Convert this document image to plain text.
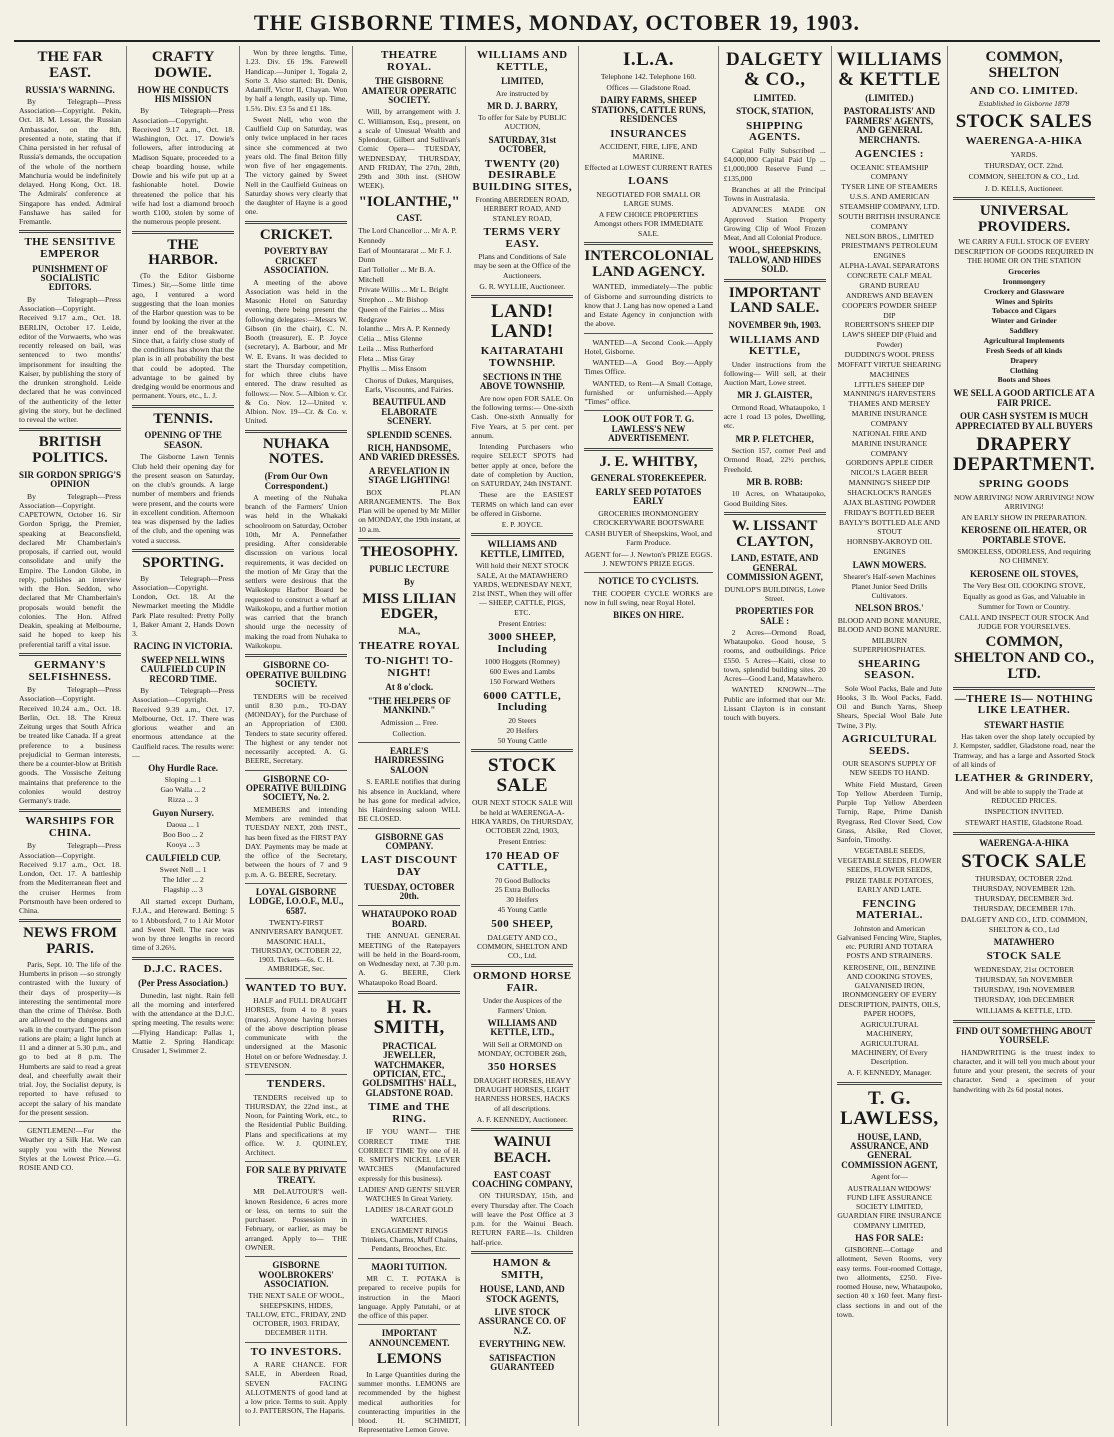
THE GISBORNE TIMES, MONDAY, OCTOBER 19, 1903.
THE FAR EAST.
RUSSIA'S WARNING.
By Telegraph—Press Association—Copyright. Pekin, Oct. 18. M. Lessar, the Russian Ambassador, on the 8th, presented a note, stating that if China persisted in her refusal of Russia's demands, the occupation of the whole of the northern Manchuria would be indefinitely delayed. Hong Kong, Oct. 18. The Admirals' conference at Singapore has ended. Admiral Fanshawe has sailed for Fremantle.
THE SENSITIVE EMPEROR
PUNISHMENT OF SOCIALISTIC EDITORS.
By Telegraph—Press Association—Copyright. Received 9.17 a.m., Oct. 18. BERLIN, October 17. Leide, editor of the Vorwaerts, who was recently released on bail, was sentenced to two months' imprisonment for insulting the Kaiser, by publishing the story of the drunken stronghold. Leide declared that he was convinced of the authenticity of the letter giving the story, but he declined to reveal the writer.
BRITISH POLITICS.
SIR GORDON SPRIGG'S OPINION
By Telegraph—Press Association—Copyright. CAPETOWN, October 16. Sir Gordon Sprigg, the Premier, speaking at Beaconsfield, declared Mr Chamberlain's proposals, if carried out, would consolidate and unify the Empire. The London Globe, in reply, publishes an interview with the Hon. Seddon, who declared that Mr Chamberlain's proposals would benefit the colonies. The Hon. Alfred Deakin, speaking at Melbourne, said he hoped to keep his preferential tariff a vital issue.
GERMANY'S SELFISHNESS.
By Telegraph—Press Association—Copyright. Received 10.24 a.m., Oct. 18. Berlin, Oct. 18. The Kreuz Zeitung urges that South Africa be treated like Canada. If a great preference to a business prejudicial to German interests, there be a counter-blow at British goods. The Vossische Zeitung maintains that preference to the colonies would destroy Germany's trade.
WARSHIPS FOR CHINA.
By Telegraph—Press Association—Copyright. Received 9.17 a.m., Oct. 18. London, Oct. 17. A battleship from the Mediterranean fleet and the cruiser Hermes from Portsmouth have been ordered to China.
NEWS FROM PARIS.
Paris, Sept. 10. The life of the Humberts in prison —so strongly contrasted with the luxury of their days of prosperity—is interesting the sentimental more than the crime of Thérèse. Both are allowed to the dungeons and walk in the courtyard. The prison rations are plain; a light lunch at 11 and a dinner at 5.30 p.m., and go to bed at 8 p.m. The Humberts are said to read a great deal, and cheerfully await their trial. Joy, the Socialist deputy, is reported to have refused to accept the salary of his mandate for the present session.
GENTLEMEN!—For the Weather try a Silk Hat. We can supply you with the Newest Styles at the Lowest Price.—G. ROSIE AND CO.
CRAFTY DOWIE.
HOW HE CONDUCTS HIS MISSION
By Telegraph—Press Association—Copyright. Received 9.17 a.m., Oct. 18. Washington, Oct. 17. Dowie's followers, after introducing at Madison Square, proceeded to a cheap boarding house, while Dowie and his wife put up at a fashionable hotel. Dowie threatened the police that his wife had lost a diamond brooch worth £100, stolen by some of the numerous people present.
THE HARBOR.
(To the Editor Gisborne Times.) Sir,—Some little time ago, I ventured a word suggesting that the loan monies of the Harbor question was to be found by looking the river at the inner end of the breakwater. Since that, a fairly close study of the conditions has shown that the plan is in all probability the best that could be adopted. The advantage to be gained by dredging would be enormous and permanent. Yours, etc., L. J.
TENNIS.
OPENING OF THE SEASON.
The Gisborne Lawn Tennis Club held their opening day for the present season on Saturday, on the club's grounds. A large number of members and friends were present, and the courts were in excellent condition. Afternoon tea was dispensed by the ladies of the club, and the opening was voted a success.
SPORTING.
By Telegraph—Press Association—Copyright. London, Oct. 18. At the Newmarket meeting the Middle Park Plate resulted: Pretty Polly 1, Baker Amant 2, Hands Down 3.
RACING IN VICTORIA.
SWEEP NELL WINS CAULFIELD CUP IN RECORD TIME.
By Telegraph—Press Association—Copyright. Received 9.39 a.m., Oct. 17. Melbourne, Oct. 17. There was glorious weather and an enormous attendance at the Caulfield races. The results were:—
Ohy Hurdle Race.
Sloping ... 1
Gao Walla ... 2
Rizza ... 3
Guyon Nursery.
Daoua ... 1
Boo Boo ... 2
Kooya ... 3
CAULFIELD CUP.
Sweet Nell ... 1
The Idler ... 2
Flagship ... 3
All started except Durham, F.J.A., and Hereward. Betting: 5 to 1 Abbotsford, 7 to 1 Air Motor and Sweet Nell. The race was won by three lengths in record time of 3.26½.
D.J.C. RACES.
(Per Press Association.)
Dunedin, last night. Rain fell all the morning and interfered with the attendance at the D.J.C. spring meeting. The results were:—Flying Handicap: Pallas 1, Mattie 2. Spring Handicap: Crusader 1, Swimmer 2.
Won by three lengths. Time, 1.23. Div. £6 19s. Farewell Handicap.—Juniper 1, Togala 2, Sorte 3. Also started: Bt. Denis, Adamiff, Victor II, Chayan. Won by half a length, easily up. Time, 1.5¾. Div. £3 5s and £1 18s.
Sweet Nell, who won the Caulfield Cup on Saturday, was only twice unplaced in her races since she commenced at two years old. The final Briton filly won five of her engagements. The victory gained by Sweet Nell in the Caulfield Guineas on Saturday shows very clearly that the daughter of Hayne is a good one.
CRICKET.
POVERTY BAY CRICKET ASSOCIATION.
A meeting of the above Association was held in the Masonic Hotel on Saturday evening, there being present the following delegates:—Messrs W. Gibson (in the chair), C. N. Booth (treasurer), E. P. Joyce (secretary), A. Barbour, and Mr W. E. Evans. It was decided to start the Thursday competition, for which three clubs have entered. The draw resulted as follows:— Nov. 5—Albion v. Cr. & Co. Nov. 12—United v. Albion. Nov. 19—Cr. & Co. v. United.
NUHAKA NOTES.
(From Our Own Correspondent.)
A meeting of the Nuhaka branch of the Farmers' Union was held in the Whakaki schoolroom on Saturday, October 10th, Mr A. Pennefather presiding. After considerable discussion on various local requirements, it was decided on the motion of Mr Gray that the settlers were desirous that the Waikokopu Harbor Board be requested to construct a wharf at Waikokopu, and a further motion was carried that the branch should urge the necessity of making the road from Nuhaka to Waikokopu.
GISBORNE CO-OPERATIVE BUILDING SOCIETY.
TENDERS will be received until 8.30 p.m., TO-DAY (MONDAY), for the Purchase of an Appropriation of £300. Tenders to state security offered. The highest or any tender not necessarily accepted. A. G. BEERE, Secretary.
GISBORNE CO-OPERATIVE BUILDING SOCIETY, No. 2.
MEMBERS and intending Members are reminded that TUESDAY NEXT, 20th INST., has been fixed as the FIRST PAY DAY. Payments may be made at the office of the Secretary, between the hours of 7 and 9 p.m. A. G. BEERE, Secretary.
LOYAL GISBORNE LODGE, I.O.O.F., M.U., 6587.
TWENTY-FIRST ANNIVERSARY BANQUET. MASONIC HALL, THURSDAY, OCTOBER 22, 1903. Tickets—6s. C. H. AMBRIDGE, Sec.
WANTED TO BUY.
HALF and FULL DRAUGHT HORSES, from 4 to 8 years (mares). Anyone having horses of the above description please communicate with the undersigned at the Masonic Hotel on or before Wednesday. J. STEVENSON.
TENDERS.
TENDERS received up to THURSDAY, the 22nd inst., at Noon, for Painting Work, etc., to the Residential Public Building. Plans and specifications at my office. W. J. QUINLEY, Architect.
FOR SALE BY PRIVATE TREATY.
MR DeLAUTOUR'S well-known Residence, 6 acres more or less, on terms to suit the purchaser. Possession in February, or earlier, as may be arranged. Apply to— THE OWNER.
GISBORNE WOOLBROKERS' ASSOCIATION.
THE NEXT SALE OF WOOL, SHEEPSKINS, HIDES, TALLOW, ETC., FRIDAY, 2ND OCTOBER, 1903. FRIDAY, DECEMBER 11TH.
TO INVESTORS.
A RARE CHANCE. FOR SALE, in Aberdeen Road, SEVEN FACING ALLOTMENTS of good land at a low price. Terms to suit. Apply to J. PATTERSON, The Haparis.
THEATRE ROYAL.
THE GISBORNE AMATEUR OPERATIC SOCIETY.
Will, by arrangement with J. C. Williamson, Esq., present, on a scale of Unusual Wealth and Splendour, Gilbert and Sullivan's Comic Opera— TUESDAY, WEDNESDAY, THURSDAY, AND FRIDAY, The 27th, 28th, 29th and 30th inst. (SHOW WEEK).
"IOLANTHE,"
CAST.
The Lord Chancellor ... Mr A. P. Kennedy
Earl of Mountararat ... Mr F. J. Dunn
Earl Tolloller ... Mr B. A. Mitchell
Private Willis ... Mr L. Bright
Strephon ... Mr Bishop
Queen of the Fairies ... Miss Redgrave
Iolanthe ... Mrs A. P. Kennedy
Celia ... Miss Glenne
Leila ... Miss Rutherford
Fleta ... Miss Gray
Phyllis ... Miss Ensom
Chorus of Dukes, Marquises, Earls, Viscounts, and Fairies.
BEAUTIFUL AND ELABORATE SCENERY.
SPLENDID SCENES.
RICH, HANDSOME, AND VARIED DRESSES.
A REVELATION IN STAGE LIGHTING!
BOX PLAN ARRANGEMENTS. The Box Plan will be opened by Mr Miller on MONDAY, the 19th instant, at 10 a.m.
THEOSOPHY.
PUBLIC LECTURE
By
MISS LILIAN EDGER,
M.A.,
THEATRE ROYAL
TO-NIGHT! TO-NIGHT!
At 8 o'clock.
"THE HELPERS OF MANKIND."
Admission ... Free.
Collection.
EARLE'S HAIRDRESSING SALOON
S. EARLE notifies that during his absence in Auckland, where he has gone for medical advice, his Hairdressing saloon WILL BE CLOSED.
GISBORNE GAS COMPANY.
LAST DISCOUNT DAY
TUESDAY, OCTOBER 20th.
WHATAUPOKO ROAD BOARD.
THE ANNUAL GENERAL MEETING of the Ratepayers will be held in the Board-room, on Wednesday next, at 7.30 p.m. A. G. BEERE, Clerk Whataupoko Road Board.
H. R. SMITH,
PRACTICAL JEWELLER, WATCHMAKER, OPTICIAN, ETC., GOLDSMITHS' HALL, GLADSTONE ROAD.
TIME and THE RING.
IF YOU WANT— THE CORRECT TIME THE CORRECT TIME Try one of H. R. SMITH'S NICKEL LEVER WATCHES (Manufactured expressly for this business).
LADIES' AND GENTS' SILVER WATCHES In Great Variety.
LADIES' 18-CARAT GOLD WATCHES.
ENGAGEMENT RINGS Trinkets, Charms, Muff Chains, Pendants, Brooches, Etc.
MAORI TUITION.
MR C. T. POTAKA is prepared to receive pupils for instruction in the Maori language. Apply Patutahi, or at the office of this paper.
IMPORTANT ANNOUNCEMENT.
LEMONS
In Large Quantities during the summer months. LEMONS are recommended by the highest medical authorities for counteracting impurities in the blood. H. SCHMIDT, Representative Lemon Grove.
WILLIAMS AND KETTLE,
LIMITED,
Are instructed by
MR D. J. BARRY,
To offer for Sale by PUBLIC AUCTION,
SATURDAY, 31st OCTOBER,
TWENTY (20) DESIRABLE BUILDING SITES,
Fronting ABERDEEN ROAD, HERBERT ROAD, AND STANLEY ROAD,
TERMS VERY EASY.
Plans and Conditions of Sale may be seen at the Office of the Auctioneers.
G. R. WYLLIE, Auctioneer.
LAND! LAND!
KAITARATAHI TOWNSHIP.
SECTIONS IN THE ABOVE TOWNSHIP.
Are now open FOR SALE. On the following terms:— One-sixth Cash. One-sixth Annually for Five Years, at 5 per cent. per annum.
Intending Purchasers who require SELECT SPOTS had better apply at once, before the date of completion by Auction, on SATURDAY, 24th INSTANT.
These are the EASIEST TERMS on which land can ever be offered in Gisborne.
E. P. JOYCE.
WILLIAMS AND KETTLE, LIMITED,
Will hold their NEXT STOCK SALE, At the MATAWHERO YARDS, WEDNESDAY NEXT, 21st INST., When they will offer— SHEEP, CATTLE, PIGS, ETC.
Present Entries:
3000 SHEEP, Including
1000 Hoggets (Romney)
600 Ewes and Lambs
150 Forward Wethers
6000 CATTLE, Including
20 Steers
20 Heifers
50 Young Cattle
STOCK SALE
OUR NEXT STOCK SALE Will be held at WAERENGA-A-HIKA YARDS, On THURSDAY, OCTOBER 22nd, 1903,
Present Entries:
170 HEAD OF CATTLE,
70 Good Bullocks
25 Extra Bullocks
30 Heifers
45 Young Cattle
500 SHEEP,
DALGETY AND CO., COMMON, SHELTON AND CO., Ltd.
ORMOND HORSE FAIR.
Under the Auspices of the Farmers' Union.
WILLIAMS AND KETTLE, LTD.,
Will Sell at ORMOND on MONDAY, OCTOBER 26th,
350 HORSES
DRAUGHT HORSES, HEAVY DRAUGHT HORSES, LIGHT HARNESS HORSES, HACKS of all descriptions.
A. F. KENNEDY, Auctioneer.
WAINUI BEACH.
EAST COAST COACHING COMPANY,
ON THURSDAY, 15th, and every Thursday after. The Coach will leave the Post Office at 3 p.m. for the Wainui Beach. RETURN FARE—1s. Children half-price.
HAMON & SMITH,
HOUSE, LAND, AND STOCK AGENTS,
LIVE STOCK ASSURANCE CO. OF N.Z.
EVERYTHING NEW.
SATISFACTION GUARANTEED
I.L.A.
Telephone 142. Telephone 160.
Offices — Gladstone Road.
DAIRY FARMS, SHEEP STATIONS, CATTLE RUNS, RESIDENCES
INSURANCES
ACCIDENT, FIRE, LIFE, AND MARINE.
Effected at LOWEST CURRENT RATES
LOANS
NEGOTIATED FOR SMALL OR LARGE SUMS.
A FEW CHOICE PROPERTIES Amongst others FOR IMMEDIATE SALE.
INTERCOLONIAL LAND AGENCY.
WANTED, immediately—The public of Gisborne and surrounding districts to know that J. Lang has now opened a Land and Estate Agency in conjunction with the above.
WANTED—A Second Cook.—Apply Hotel, Gisborne.
WANTED—A Good Boy.—Apply Times Office.
WANTED, to Rent—A Small Cottage, furnished or unfurnished.—Apply "Times" office.
LOOK OUT FOR T. G. LAWLESS'S NEW ADVERTISEMENT.
J. E. WHITBY,
GENERAL STOREKEEPER.
EARLY SEED POTATOES EARLY
GROCERIES IRONMONGERY CROCKERYWARE BOOTSWARE
CASH BUYER of Sheepskins, Wool, and Farm Produce.
AGENT for— J. Newton's PRIZE EGGS. J. NEWTON'S PRIZE EGGS.
NOTICE TO CYCLISTS.
THE COOPER CYCLE WORKS are now in full swing, near Royal Hotel.
BIKES ON HIRE.
DALGETY & CO.,
LIMITED.
STOCK, STATION,
SHIPPING AGENTS.
Capital Fully Subscribed ... £4,000,000 Capital Paid Up ... £1,000,000 Reserve Fund ... £135,000
Branches at all the Principal Towns in Australasia.
ADVANCES MADE ON Approved Station Property Growing Clip of Wool Frozen Meat, And all Colonial Produce.
WOOL, SHEEPSKINS, TALLOW, AND HIDES SOLD.
IMPORTANT LAND SALE.
NOVEMBER 9th, 1903.
WILLIAMS AND KETTLE,
Under instructions from the following— Will sell, at their Auction Mart, Lowe street.
MR J. GLAISTER,
Ormond Road, Whataupoko, 1 acre 1 road 13 poles, Dwelling, etc.
MR P. FLETCHER,
Section 157, corner Peel and Ormond Road, 22½ perches, Freehold.
MR B. ROBB:
10 Acres, on Whataupoko, Good Building Sites.
W. LISSANT CLAYTON,
LAND, ESTATE, AND GENERAL COMMISSION AGENT,
DUNLOP'S BUILDINGS, Lowe Street.
PROPERTIES FOR SALE :
2 Acres—Ormond Road, Whataupoko. Good house, 5 rooms, and outbuildings. Price £550. 5 Acres—Kaiti, close to town, splendid building sites. 20 Acres—Good Land, Matawhero.
WANTED KNOWN—The Public are informed that our Mr. Lissant Clayton is in constant touch with buyers.
WILLIAMS & KETTLE
(LIMITED.)
PASTORALISTS' AND FARMERS' AGENTS, AND GENERAL MERCHANTS.
AGENCIES :
OCEANIC STEAMSHIP COMPANY
TYSER LINE OF STEAMERS
U.S.S. AND AMERICAN STEAMSHIP COMPANY, LTD.
SOUTH BRITISH INSURANCE COMPANY
NELSON BROS., LIMITED
PRIESTMAN'S PETROLEUM ENGINES
ALPHA-LAVAL SEPARATORS
CONCRETE CALF MEAL
GRAND BUREAU
ANDREWS AND BEAVEN
COOPER'S POWDER SHEEP DIP
ROBERTSON'S SHEEP DIP
LAW'S SHEEP DIP (Fluid and Powder)
DUDDING'S WOOL PRESS
MOFFATT VIRTUE SHEARING MACHINES
LITTLE'S SHEEP DIP
MANNING'S HARVESTERS
THAMES AND MERSEY MARINE INSURANCE COMPANY
NATIONAL FIRE AND MARINE INSURANCE COMPANY
GORDON'S APPLE CIDER
NICOL'S LAGER BEER
MANNING'S SHEEP DIP
SHACKLOCK'S RANGES
AJAX BLASTING POWDER
FRIDAY'S BOTTLED BEER
BAYLY'S BOTTLED ALE AND STOUT
HORNSBY-AKROYD OIL ENGINES
LAWN MOWERS.
Shearer's Half-sewn Machines Planet Junior Seed Drills Cultivators.
NELSON BROS.'
BLOOD AND BONE MANURE, BLOOD AND BONE MANURE.
MILBURN SUPERPHOSPHATES.
SHEARING SEASON.
Sole Wool Packs, Bale and Jute Hooks, 3 lb. Wool Packs, Fadd. Oil and Bunch Yarns, Sheep Shears, Special Wool Bale Jute Twine, 3 Ply.
AGRICULTURAL SEEDS.
OUR SEASON'S SUPPLY OF NEW SEEDS TO HAND.
White Field Mustard, Green Top Yellow Aberdeen Turnip, Purple Top Yellow Aberdeen Turnip, Rape, Prime Danish Ryegrass, Red Clover Seed, Cow Grass, Alsike, Red Clover, Sanfoin, Timothy.
VEGETABLE SEEDS, VEGETABLE SEEDS, FLOWER SEEDS, FLOWER SEEDS,
PRIZE TABLE POTATOES, EARLY AND LATE.
FENCING MATERIAL.
Johnston and American Galvanised Fencing Wire, Staples, etc. PURIRI AND TOTARA POSTS AND STRAINERS.
KEROSENE, OIL, BENZINE AND COOKING STOVES, GALVANISED IRON, IRONMONGERY OF EVERY DESCRIPTION, PAINTS, OILS, PAPER HOOPS,
AGRICULTURAL MACHINERY, AGRICULTURAL MACHINERY, Of Every Description.
A. F. KENNEDY, Manager.
T. G. LAWLESS,
HOUSE, LAND, ASSURANCE, AND GENERAL COMMISSION AGENT,
Agent for—
AUSTRALIAN WIDOWS' FUND LIFE ASSURANCE SOCIETY LIMITED, GUARDIAN FIRE INSURANCE COMPANY LIMITED,
HAS FOR SALE:
GISBORNE—Cottage and allotment, Seven Rooms, very easy terms. Four-roomed Cottage, two allotments, £250. Five-roomed House, new, Whataupoko, section 40 x 160 feet. Many first-class sections in and out of the town.
COMMON, SHELTON
AND CO. LIMITED.
Established in Gisborne 1878
STOCK SALES
WAERENGA-A-HIKA
YARDS.
THURSDAY, OCT. 22nd.
COMMON, SHELTON & CO., Ltd.
J. D. KELLS, Auctioneer.
UNIVERSAL PROVIDERS.
WE CARRY A FULL STOCK OF EVERY DESCRIPTION OF GOODS REQUIRED IN THE HOME OR ON THE STATION
Groceries
Ironmongery
Crockery and Glassware
Wines and Spirits
Tobacco and Cigars
Winter and Grinder
Saddlery
Agricultural Implements
Fresh Seeds of all kinds
Drapery
Clothing
Boots and Shoes
WE SELL A GOOD ARTICLE AT A FAIR PRICE.
OUR CASH SYSTEM IS MUCH APPRECIATED BY ALL BUYERS
DRAPERY DEPARTMENT.
SPRING GOODS
NOW ARRIVING! NOW ARRIVING! NOW ARRIVING!
AN EARLY SHOW IN PREPARATION.
KEROSENE OIL HEATER, OR PORTABLE STOVE.
SMOKELESS, ODORLESS, And requiring NO CHIMNEY.
KEROSENE OIL STOVES,
The Very Best OIL COOKING STOVE,
Equally as good as Gas, and Valuable in Summer for Town or Country.
CALL AND INSPECT OUR STOCK And JUDGE FOR YOURSELVES.
COMMON, SHELTON AND CO., LTD.
—THERE IS— NOTHING LIKE LEATHER.
STEWART HASTIE
Has taken over the shop lately occupied by J. Kempster, saddler, Gladstone road, near the Tramway, and has a large and Assorted Stock of all kinds of
LEATHER & GRINDERY,
And will be able to supply the Trade at REDUCED PRICES.
INSPECTION INVITED.
STEWART HASTIE, Gladstone Road.
WAERENGA-A-HIKA
STOCK SALE
THURSDAY, OCTOBER 22nd.
THURSDAY, NOVEMBER 12th.
THURSDAY, DECEMBER 3rd.
THURSDAY, DECEMBER 17th.
DALGETY AND CO., LTD. COMMON, SHELTON & CO., Ltd
MATAWHERO
STOCK SALE
WEDNESDAY, 21st OCTOBER
THURSDAY, 5th NOVEMBER
THURSDAY, 19th NOVEMBER
THURSDAY, 10th DECEMBER
WILLIAMS & KETTLE, LTD.
FIND OUT SOMETHING ABOUT YOURSELF.
HANDWRITING is the truest index to character, and it will tell you much about your future and your present, the secrets of your character. Send a specimen of your handwriting with 2s 6d postal notes.
